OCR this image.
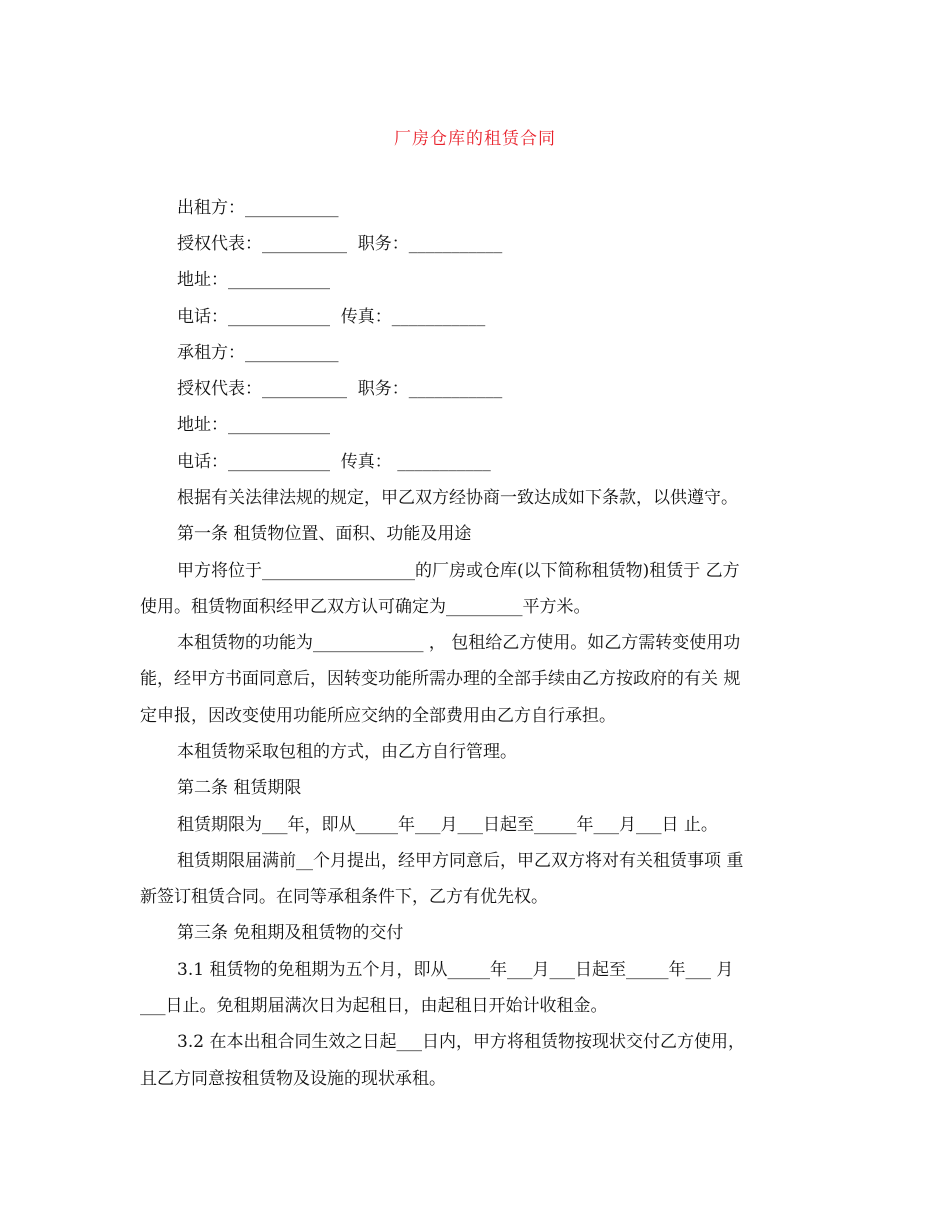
厂房仓库的租赁合同
出租方：___________
授权代表：__________  职务：___________
地址：____________
电话：____________  传真：___________
承租方：___________
授权代表：__________  职务：___________
地址：____________
电话：____________  传真： ___________
根据有关法律法规的规定，甲乙双方经协商一致达成如下条款，以供遵守。
第一条 租赁物位置、面积、功能及用途
甲方将位于__________________的厂房或仓库(以下简称租赁物)租赁于 乙方
使用。租赁物面积经甲乙双方认可确定为_________平方米。
本租赁物的功能为_____________ ， 包租给乙方使用。如乙方需转变使用功
能，经甲方书面同意后，因转变功能所需办理的全部手续由乙方按政府的有关 规
定申报，因改变使用功能所应交纳的全部费用由乙方自行承担。
本租赁物采取包租的方式，由乙方自行管理。
第二条 租赁期限
租赁期限为___年，即从_____年___月___日起至_____年___月___日 止。
租赁期限届满前__个月提出，经甲方同意后，甲乙双方将对有关租赁事项 重
新签订租赁合同。在同等承租条件下，乙方有优先权。
第三条 免租期及租赁物的交付
3.1 租赁物的免租期为五个月，即从_____年___月___日起至_____年___ 月
___日止。免租期届满次日为起租日，由起租日开始计收租金。
3.2 在本出租合同生效之日起___日内，甲方将租赁物按现状交付乙方使用，
且乙方同意按租赁物及设施的现状承租。
